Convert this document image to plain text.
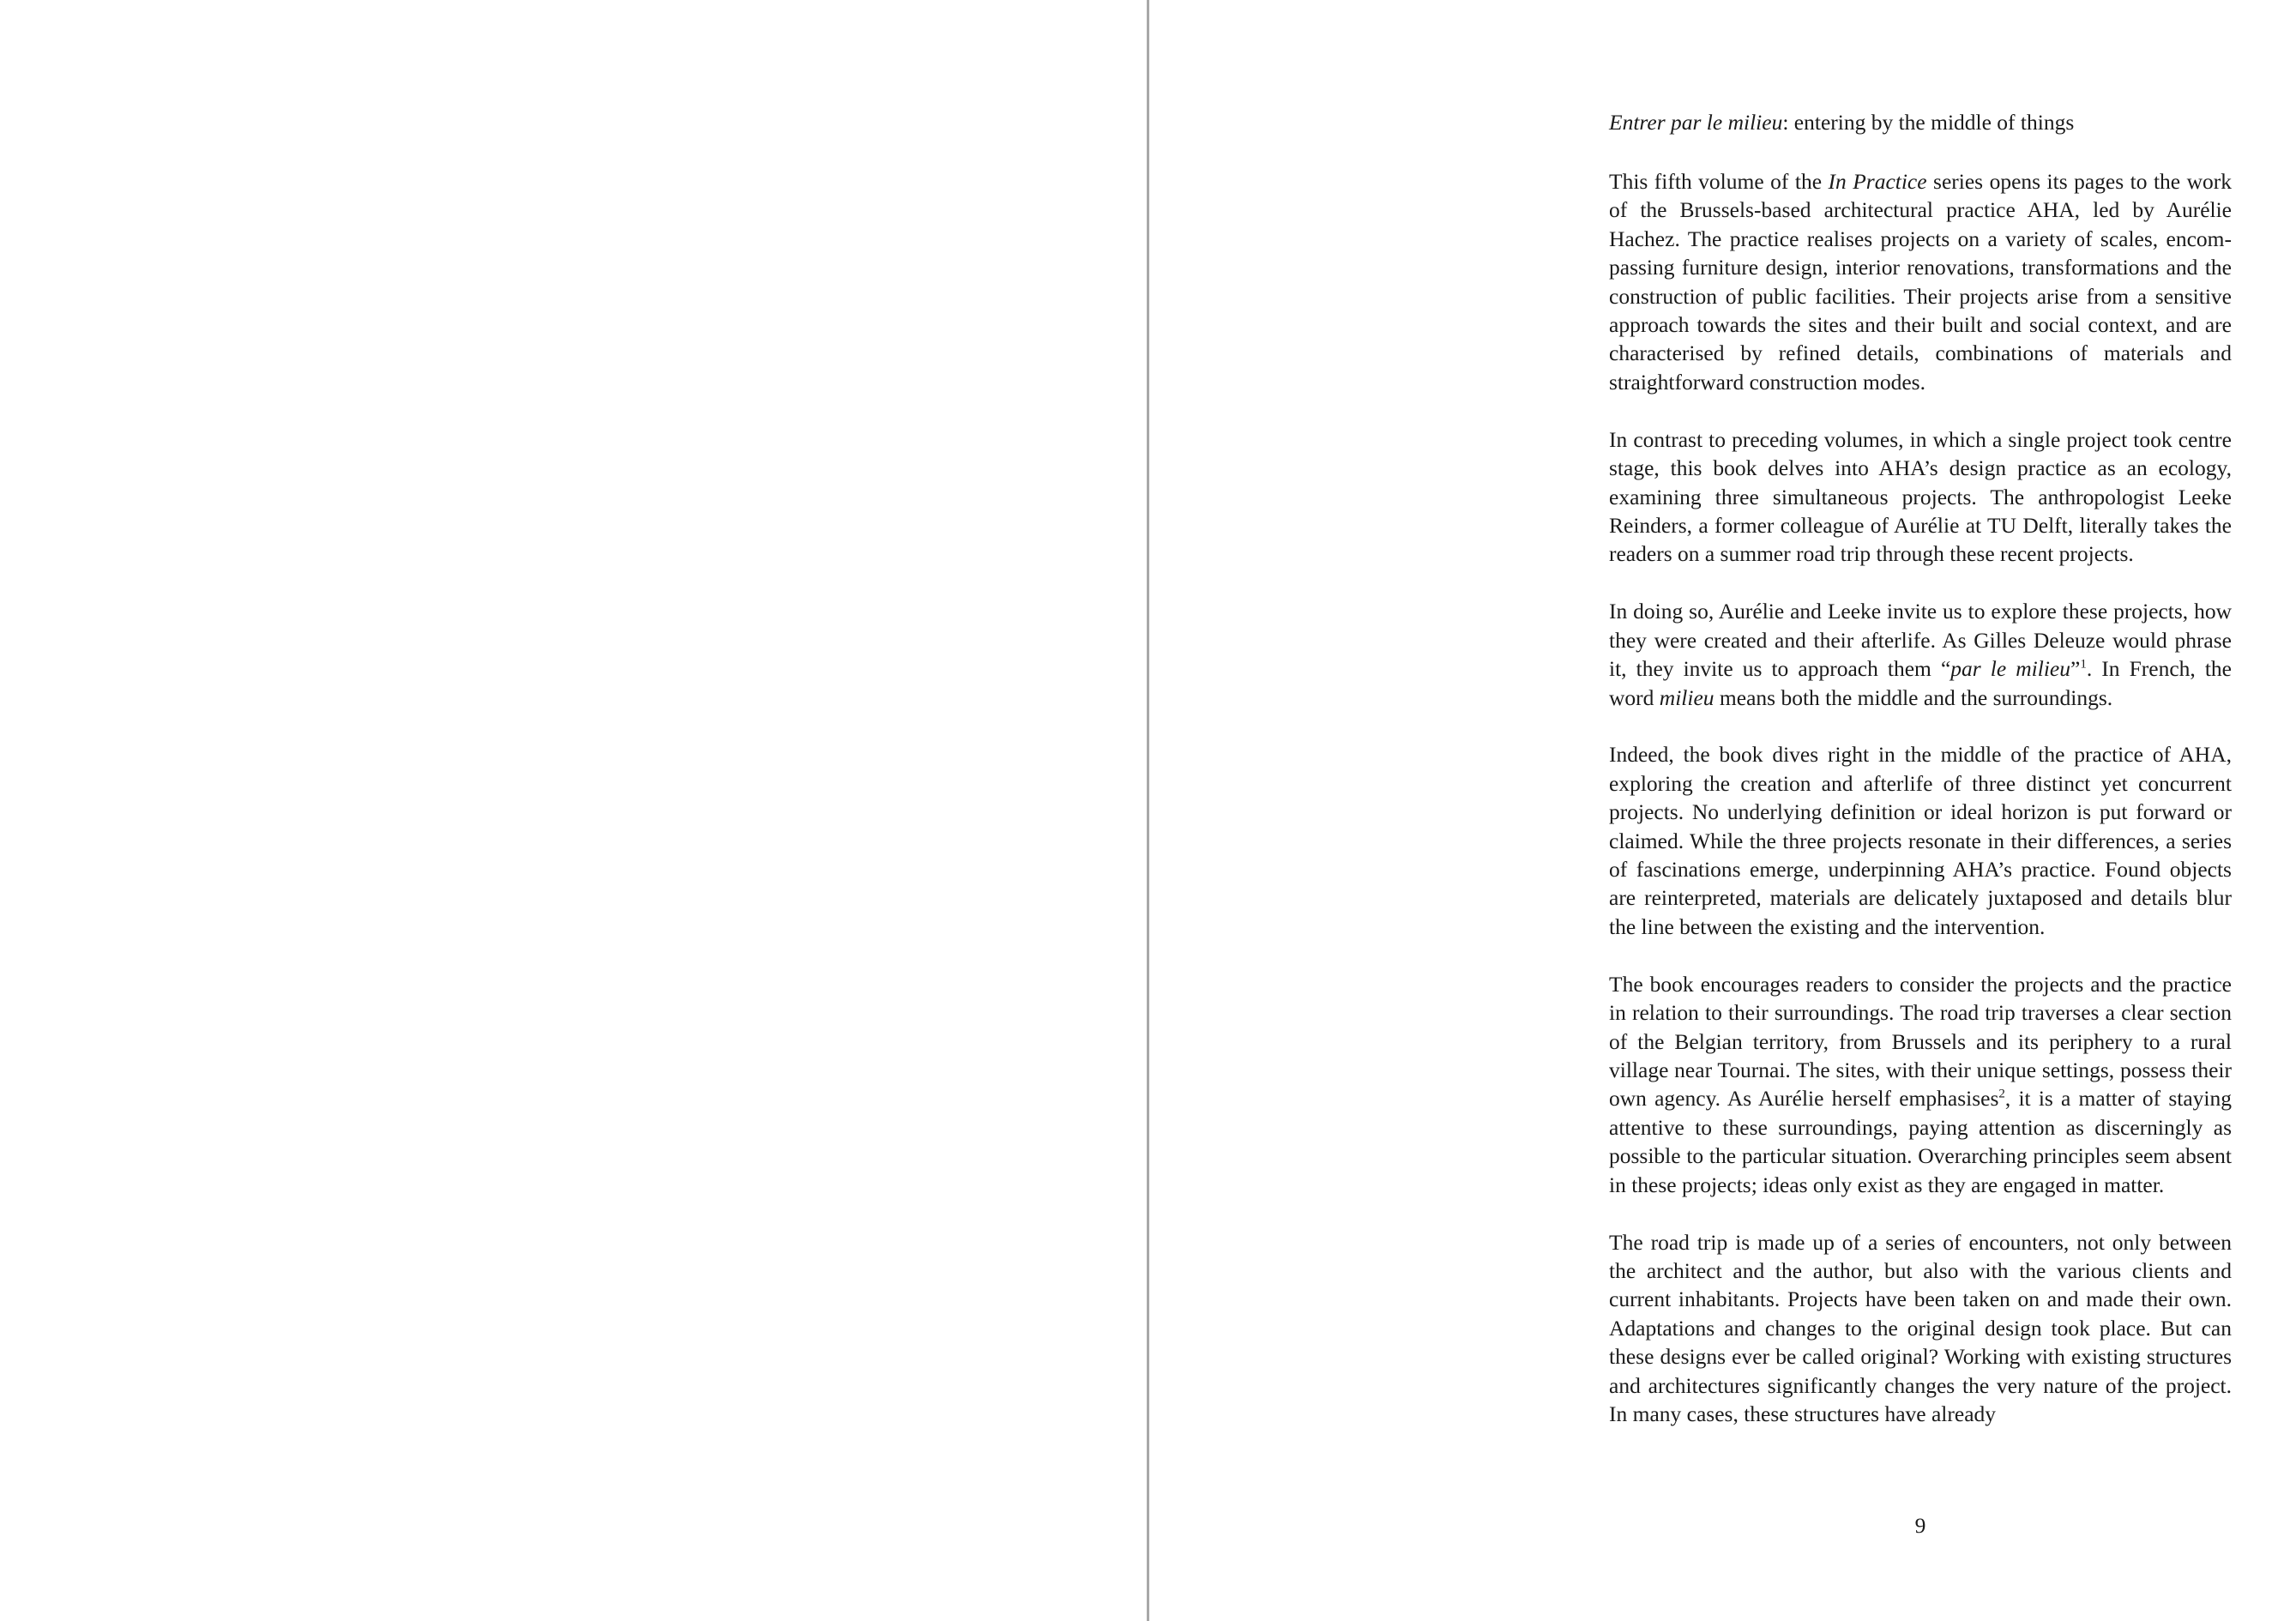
Entrer par le milieu: entering by the middle of things

This fifth volume of the In Practice series opens its pages to the work of the Brussels-based architectural practice AHA, led by Aurélie Hachez. The practice realises projects on a variety of scales, encompassing furniture design, interior renovations, transformations and the construction of public facilities. Their projects arise from a sensitive approach towards the sites and their built and social context, and are characterised by refined details, combinations of materials and straightforward construction modes.

In contrast to preceding volumes, in which a single project took centre stage, this book delves into AHA’s design practice as an ecology, examining three simultaneous projects. The anthropologist Leeke Reinders, a former colleague of Aurélie at TU Delft, literally takes the readers on a summer road trip through these recent projects.

In doing so, Aurélie and Leeke invite us to explore these projects, how they were created and their afterlife. As Gilles Deleuze would phrase it, they invite us to approach them “par le milieu”$^1$. In French, the word milieu means both the middle and the surroundings.

Indeed, the book dives right in the middle of the practice of AHA, exploring the creation and afterlife of three distinct yet concurrent projects. No underlying definition or ideal horizon is put forward or claimed. While the three projects resonate in their differences, a series of fascinations emerge, underpinning AHA’s practice. Found objects are reinterpreted, materials are delicately juxtaposed and details blur the line between the existing and the intervention.

The book encourages readers to consider the projects and the practice in relation to their surroundings. The road trip traverses a clear section of the Belgian territory, from Brussels and its periphery to a rural village near Tournai. The sites, with their unique settings, possess their own agency. As Aurélie herself emphasises$^2$, it is a matter of staying attentive to these surroundings, paying attention as discerningly as possible to the particular situation. Overarching principles seem absent in these projects; ideas only exist as they are engaged in matter.

The road trip is made up of a series of encounters, not only between the architect and the author, but also with the various clients and current inhabitants. Projects have been taken on and made their own. Adaptations and changes to the original design took place. But can these designs ever be called original? Working with existing structures and architectures significantly changes the very nature of the project. In many cases, these structures have already

9
